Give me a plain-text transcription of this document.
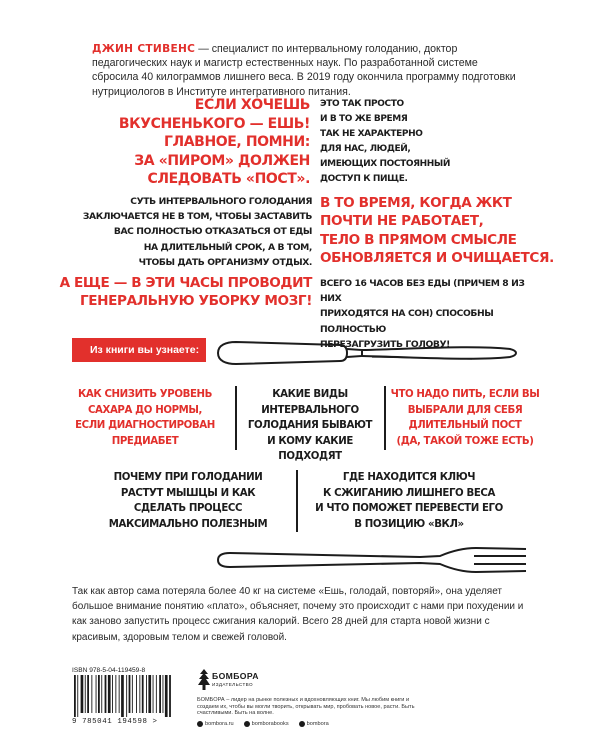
ДЖИН СТИВЕНС — специалист по интервальному голоданию, доктор педагогических наук и магистр естественных наук. По разработанной системе сбросила 40 килограммов лишнего веса. В 2019 году окончила программу подготовки нутрициологов в Институте интегративного питания.

ЕСЛИ ХОЧЕШЬ
ВКУСНЕНЬКОГО — ЕШЬ!
ГЛАВНОЕ, ПОМНИ:
ЗА «ПИРОМ» ДОЛЖЕН
СЛЕДОВАТЬ «ПОСТ».
ЭТО ТАК ПРОСТО
И В ТО ЖЕ ВРЕМЯ
ТАК НЕ ХАРАКТЕРНО
ДЛЯ НАС, ЛЮДЕЙ,
ИМЕЮЩИХ ПОСТОЯННЫЙ
ДОСТУП К ПИЩЕ.
СУТЬ ИНТЕРВАЛЬНОГО ГОЛОДАНИЯ
ЗАКЛЮЧАЕТСЯ НЕ В ТОМ, ЧТОБЫ ЗАСТАВИТЬ
ВАС ПОЛНОСТЬЮ ОТКАЗАТЬСЯ ОТ ЕДЫ
НА ДЛИТЕЛЬНЫЙ СРОК, А В ТОМ,
ЧТОБЫ ДАТЬ ОРГАНИЗМУ ОТДЫХ.
В ТО ВРЕМЯ, КОГДА ЖКТ
ПОЧТИ НЕ РАБОТАЕТ,
ТЕЛО В ПРЯМОМ СМЫСЛЕ
ОБНОВЛЯЕТСЯ И ОЧИЩАЕТСЯ.
А ЕЩЕ — В ЭТИ ЧАСЫ ПРОВОДИТ
ГЕНЕРАЛЬНУЮ УБОРКУ МОЗГ!
ВСЕГО 16 ЧАСОВ БЕЗ ЕДЫ (ПРИЧЕМ 8 ИЗ НИХ
ПРИХОДЯТСЯ НА СОН) СПОСОБНЫ ПОЛНОСТЬЮ
ПЕРЕЗАГРУЗИТЬ ГОЛОВУ!
Из книги вы узнаете:
КАК СНИЗИТЬ УРОВЕНЬ
САХАРА ДО НОРМЫ,
ЕСЛИ ДИАГНОСТИРОВАН
ПРЕДИАБЕТ
КАКИЕ ВИДЫ
ИНТЕРВАЛЬНОГО
ГОЛОДАНИЯ БЫВАЮТ
И КОМУ КАКИЕ ПОДХОДЯТ
ЧТО НАДО ПИТЬ, ЕСЛИ ВЫ
ВЫБРАЛИ ДЛЯ СЕБЯ
ДЛИТЕЛЬНЫЙ ПОСТ
(ДА, ТАКОЙ ТОЖЕ ЕСТЬ)
ПОЧЕМУ ПРИ ГОЛОДАНИИ
РАСТУТ МЫШЦЫ И КАК
СДЕЛАТЬ ПРОЦЕСС
МАКСИМАЛЬНО ПОЛЕЗНЫМ
ГДЕ НАХОДИТСЯ КЛЮЧ
К СЖИГАНИЮ ЛИШНЕГО ВЕСА
И ЧТО ПОМОЖЕТ ПЕРЕВЕСТИ ЕГО
В ПОЗИЦИЮ «ВКЛ»

Так как автор сама потеряла более 40 кг на системе «Ешь, голодай, повторяй», она уделяет большое внимание понятию «плато», объясняет, почему это происходит с нами при похудении и как заново запустить процесс сжигания калорий. Всего 28 дней для старта новой жизни с красивым, здоровым телом и свежей головой.

ISBN 978-5-04-119459-8
9 785041 194598 >
БОМБОРА
ИЗДАТЕЛЬСТВО

БОМБОРА – лидер на рынке полезных и вдохновляющих книг. Мы любим книги и создаем их, чтобы вы могли творить, открывать мир, пробовать новое, расти. Быть счастливыми. Быть на волне.

bombora.ru	bomborabooks	bombora
